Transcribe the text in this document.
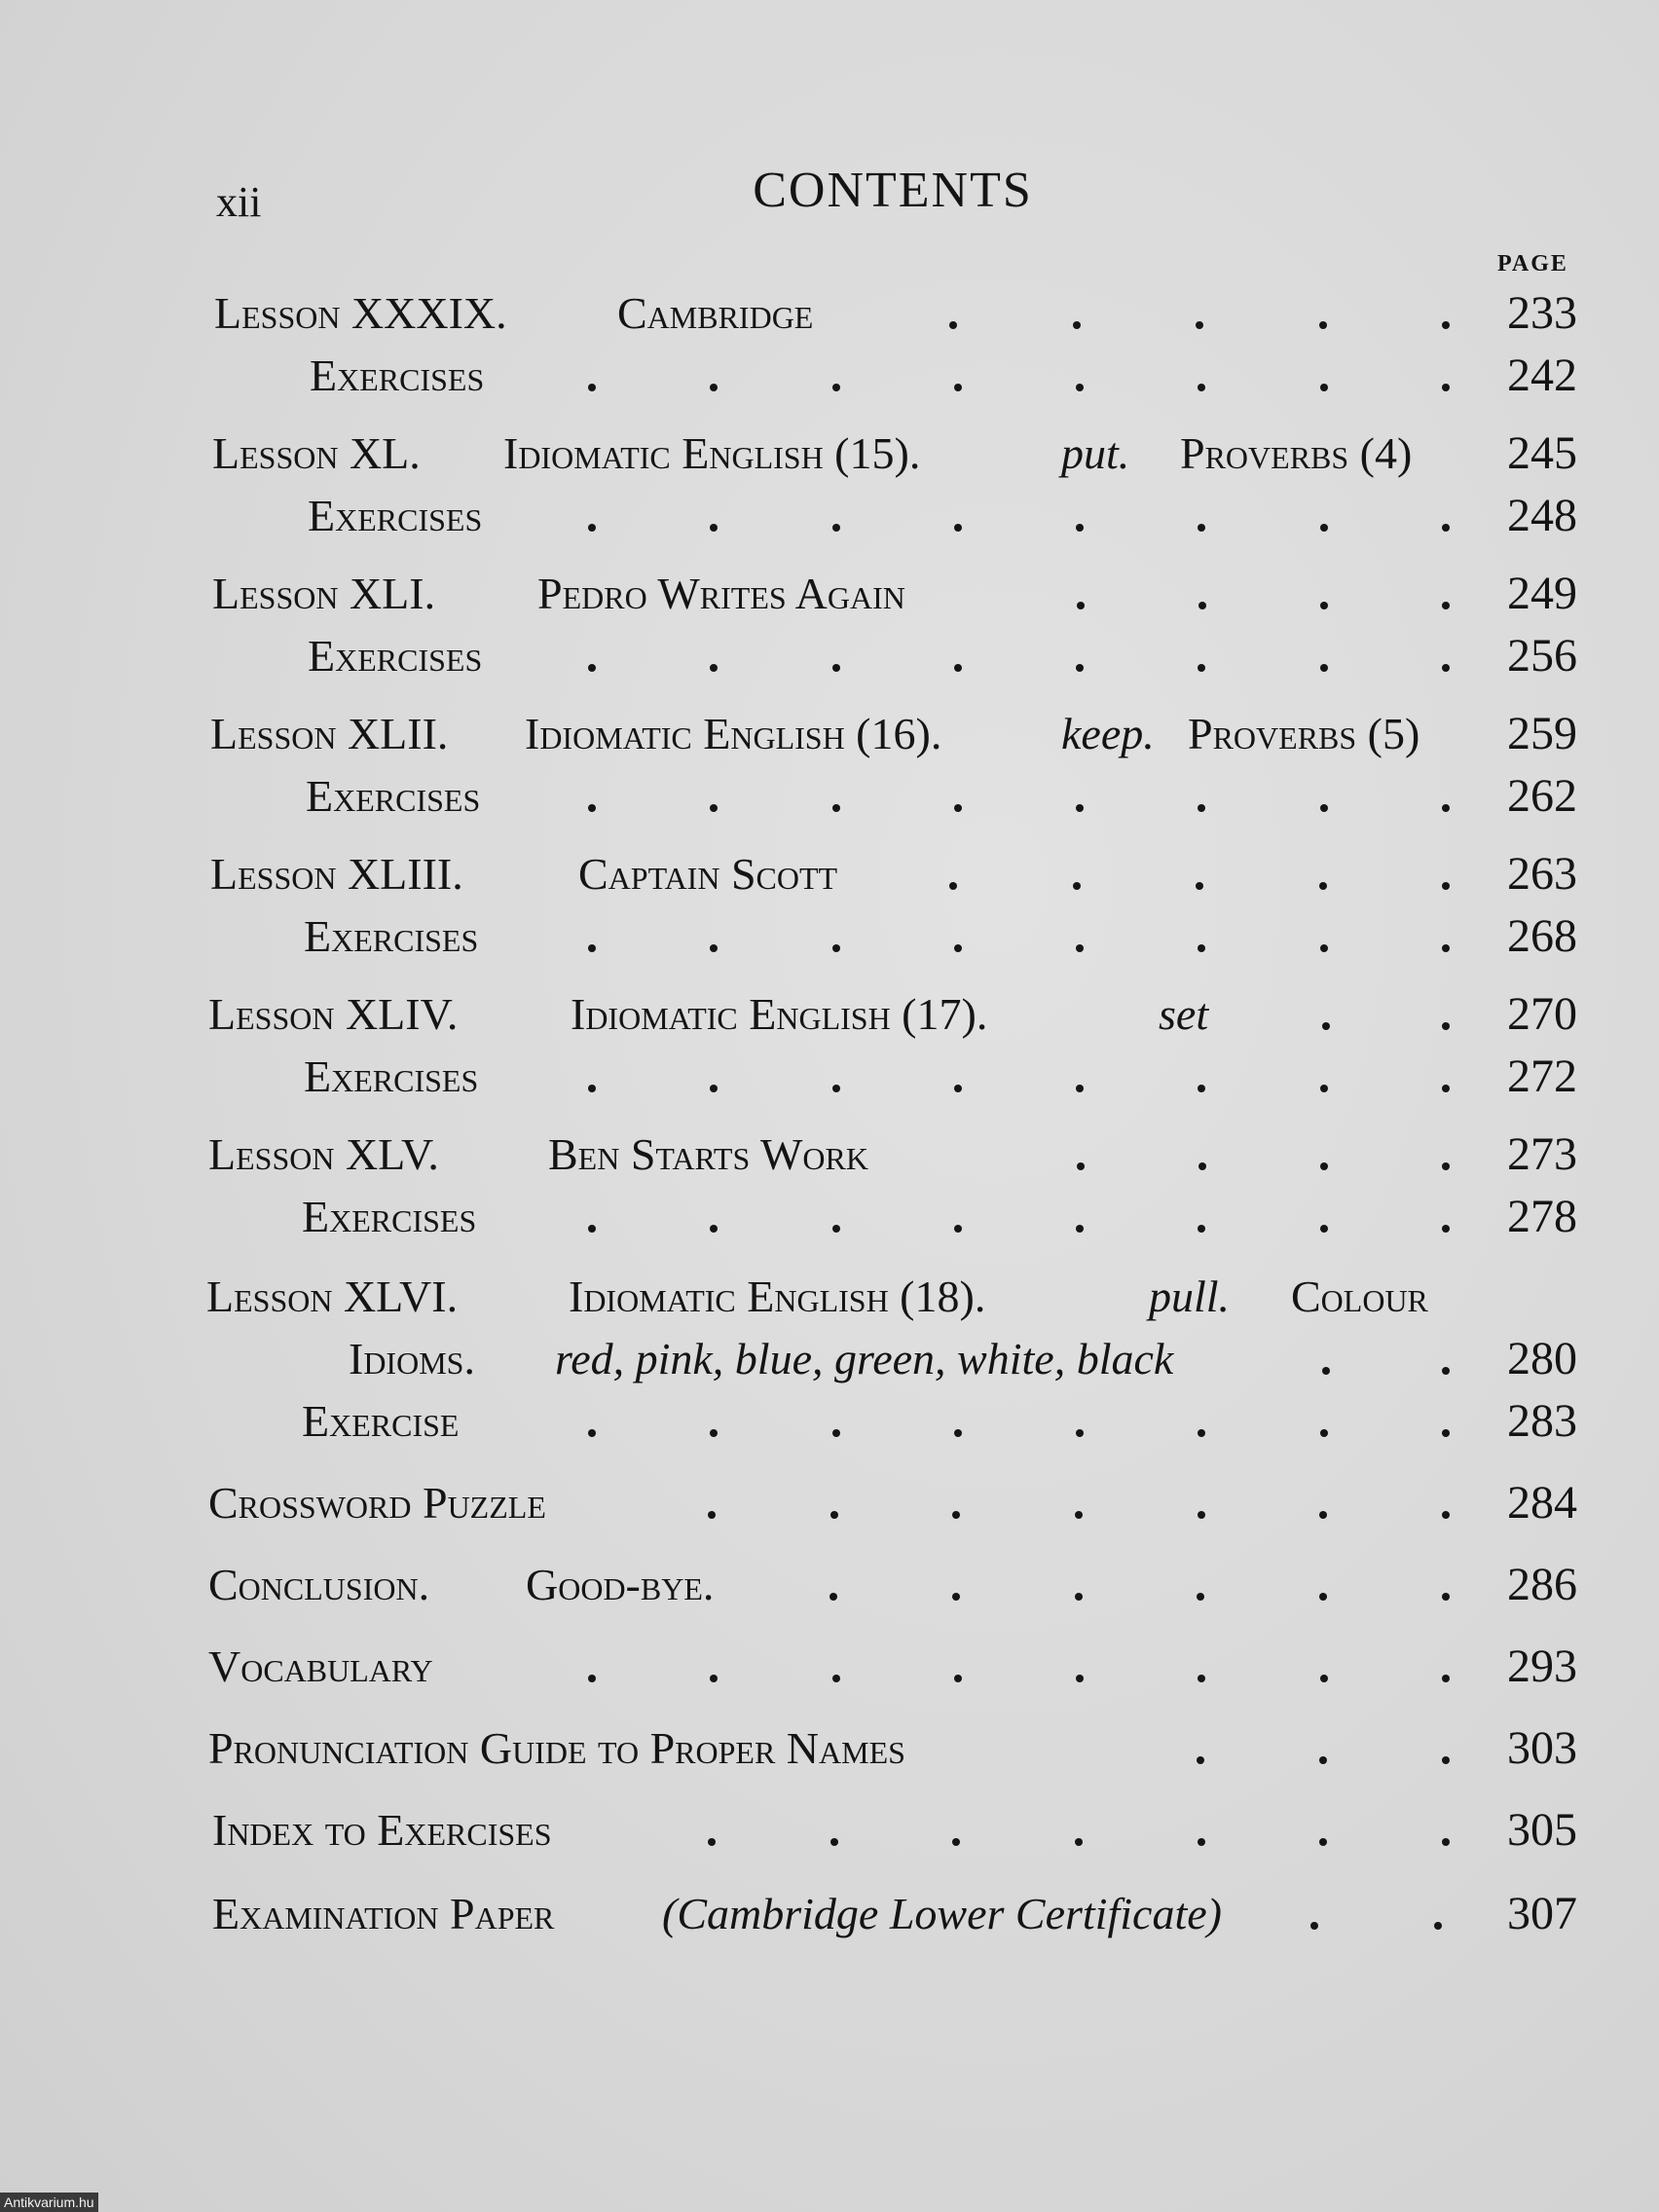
xii	CONTENTS
PAGE
Lesson XXXIX. Cambridge	233
Exercises	242
Lesson XL. Idiomatic English (15).	put. Proverbs (4) 245
Exercises	248
Lesson XLI. Pedro Writes Again	249
Exercises	256
Lesson XLII. Idiomatic English (16).	keep. Proverbs (5) 259
Exercises	262
Lesson XLIII.	Captain Scott	263
Exercises	268
Lesson XLIV.	Idiomatic English (17).	set	270
Exercises	272
Lesson XLV. Ben Starts Work	273
Exercises	278
Lesson XLVI. Idiomatic English (18).	pull. Colour
Idioms. red, pink, blue, green, white, black	280
Exercise	283
Crossword Puzzle	284
Conclusion. Good-bye.	286
Vocabulary	293
Pronunciation Guide to Proper Names	303
Index to Exercises	305
Examination Paper (Cambridge Lower Certificate)	307
Antikvarium.hu
